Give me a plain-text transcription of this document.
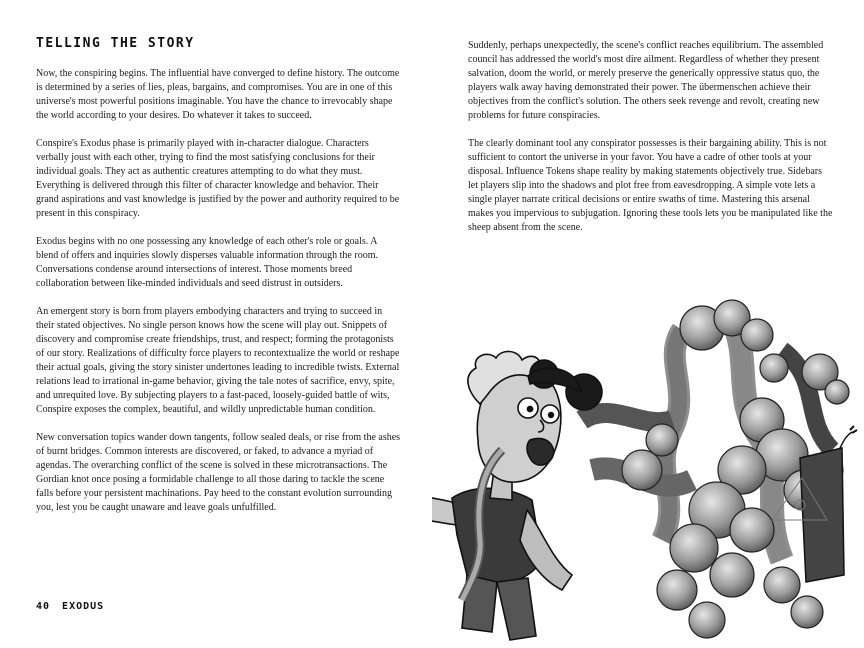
TELLING THE STORY

Now, the conspiring begins. The influential have converged to define history. The outcome is determined by a series of lies, pleas, bargains, and compromises. You are in one of this universe's most powerful positions imaginable. You have the chance to irrevocably shape the world according to your desires. Do whatever it takes to succeed.

Conspire's Exodus phase is primarily played with in-character dialogue. Characters verbally joust with each other, trying to find the most satisfying conclusions for their individual goals. They act as authentic creatures attempting to do what they must. Everything is delivered through this filter of character knowledge and behavior. Their grand aspirations and vast knowledge is justified by the power and authority required to be present in this conspiracy.

Exodus begins with no one possessing any knowledge of each other's role or goals. A blend of offers and inquiries slowly disperses valuable information through the room. Conversations condense around intersections of interest. Those moments breed collaboration between like-minded individuals and seed distrust in outsiders.

An emergent story is born from players embodying characters and trying to succeed in their stated objectives. No single person knows how the scene will play out. Snippets of discovery and compromise create friendships, trust, and respect; forming the protagonists of our story. Realizations of difficulty force players to recontextualize the world or reshape their actual goals, giving the story sinister undertones leading to incredible twists. External relations lead to irrational in-game behavior, giving the tale notes of sacrifice, envy, spite, and unrequited love. By subjecting players to a fast-paced, loosely-guided battle of wits, Conspire exposes the complex, beautiful, and wildly unpredictable human condition.

New conversation topics wander down tangents, follow sealed deals, or rise from the ashes of burnt bridges. Common interests are discovered, or faked, to advance a myriad of agendas. The overarching conflict of the scene is solved in these microtransactions. The Gordian knot once posing a formidable challenge to all those daring to tackle the scene falls before your persistent machinations. Pay heed to the constant evolution surrounding you, lest you be caught unaware and leave goals unfulfilled.

40 EXODUS

Suddenly, perhaps unexpectedly, the scene's conflict reaches equilibrium. The assembled council has addressed the world's most dire ailment. Regardless of whether they present salvation, doom the world, or merely preserve the generically oppressive status quo, the players walk away having demonstrated their power. The übermenschen achieve their objectives from the conflict's solution. The others seek revenge and revolt, creating new problems for future conspiracies.

The clearly dominant tool any conspirator possesses is their bargaining ability. This is not sufficient to contort the universe in your favor. You have a cadre of other tools at your disposal. Influence Tokens shape reality by making statements objectively true. Sidebars let players slip into the shadows and plot free from eavesdropping. A simple vote lets a single player narrate critical decisions or entire swaths of time. Mastering this arsenal makes you impervious to subjugation. Ignoring these tools lets you be manipulated like the sheep absent from the scene.
